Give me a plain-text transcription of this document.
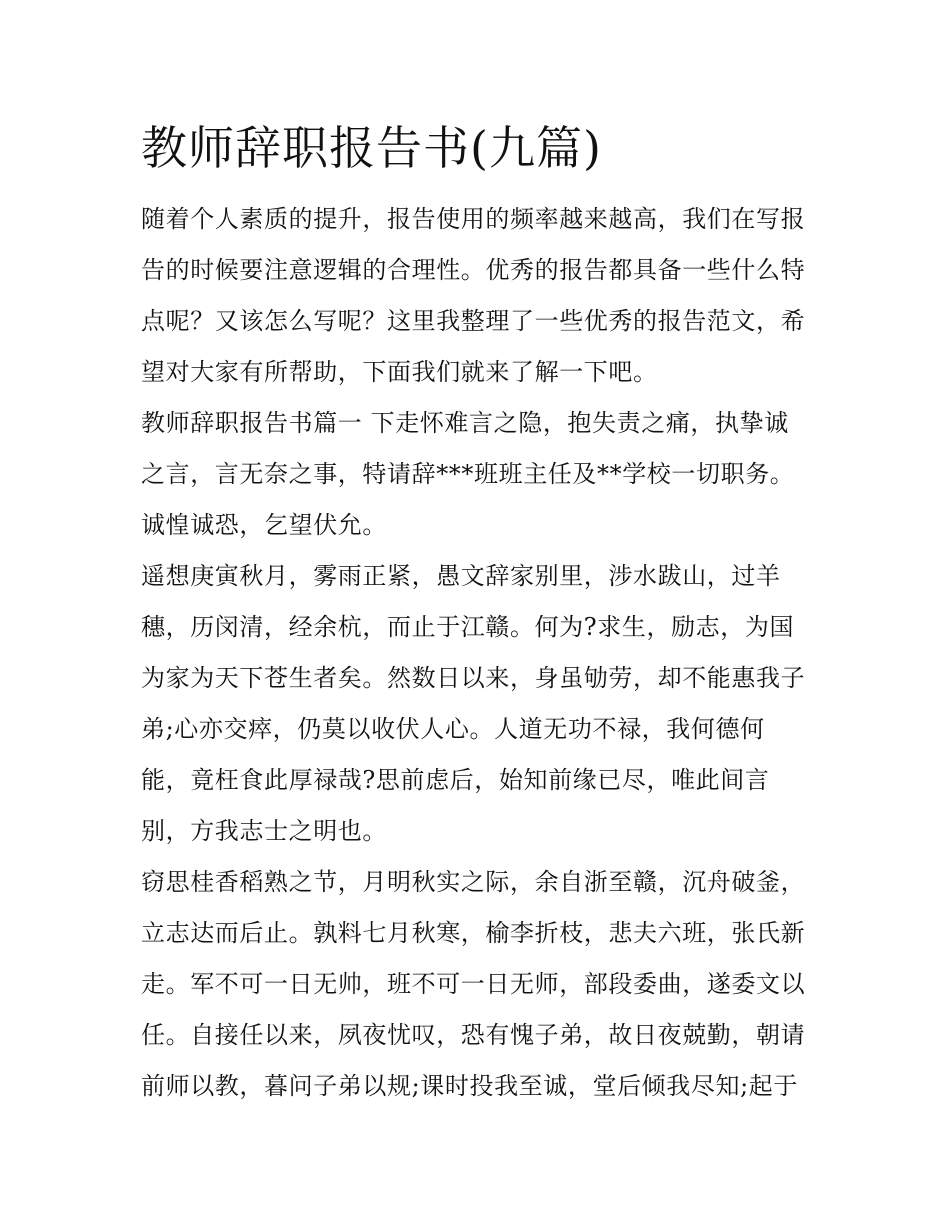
教师辞职报告书(九篇)

随着个人素质的提升，报告使用的频率越来越高，我们在写报
告的时候要注意逻辑的合理性。优秀的报告都具备一些什么特
点呢？又该怎么写呢？这里我整理了一些优秀的报告范文，希
望对大家有所帮助，下面我们就来了解一下吧。

教师辞职报告书篇一 下走怀难言之隐，抱失责之痛，执挚诚
之言，言无奈之事，特请辞***班班主任及**学校一切职务。
诚惶诚恐，乞望伏允。

遥想庚寅秋月，雾雨正紧，愚文辞家别里，涉水跋山，过羊
穗，历闵清，经余杭，而止于江赣。何为?求生，励志，为国
为家为天下苍生者矣。然数日以来，身虽劬劳，却不能惠我子
弟;心亦交瘁，仍莫以收伏人心。人道无功不禄，我何德何
能，竟枉食此厚禄哉?思前虑后，始知前缘已尽，唯此间言
别，方我志士之明也。

窃思桂香稻熟之节，月明秋实之际，余自浙至赣，沉舟破釜，
立志达而后止。孰料七月秋寒，榆李折枝，悲夫六班，张氏新
走。军不可一日无帅，班不可一日无师，部段委曲，遂委文以
任。自接任以来，夙夜忧叹，恐有愧子弟，故日夜兢勤，朝请
前师以教，暮问子弟以规;课时投我至诚，堂后倾我尽知;起于
